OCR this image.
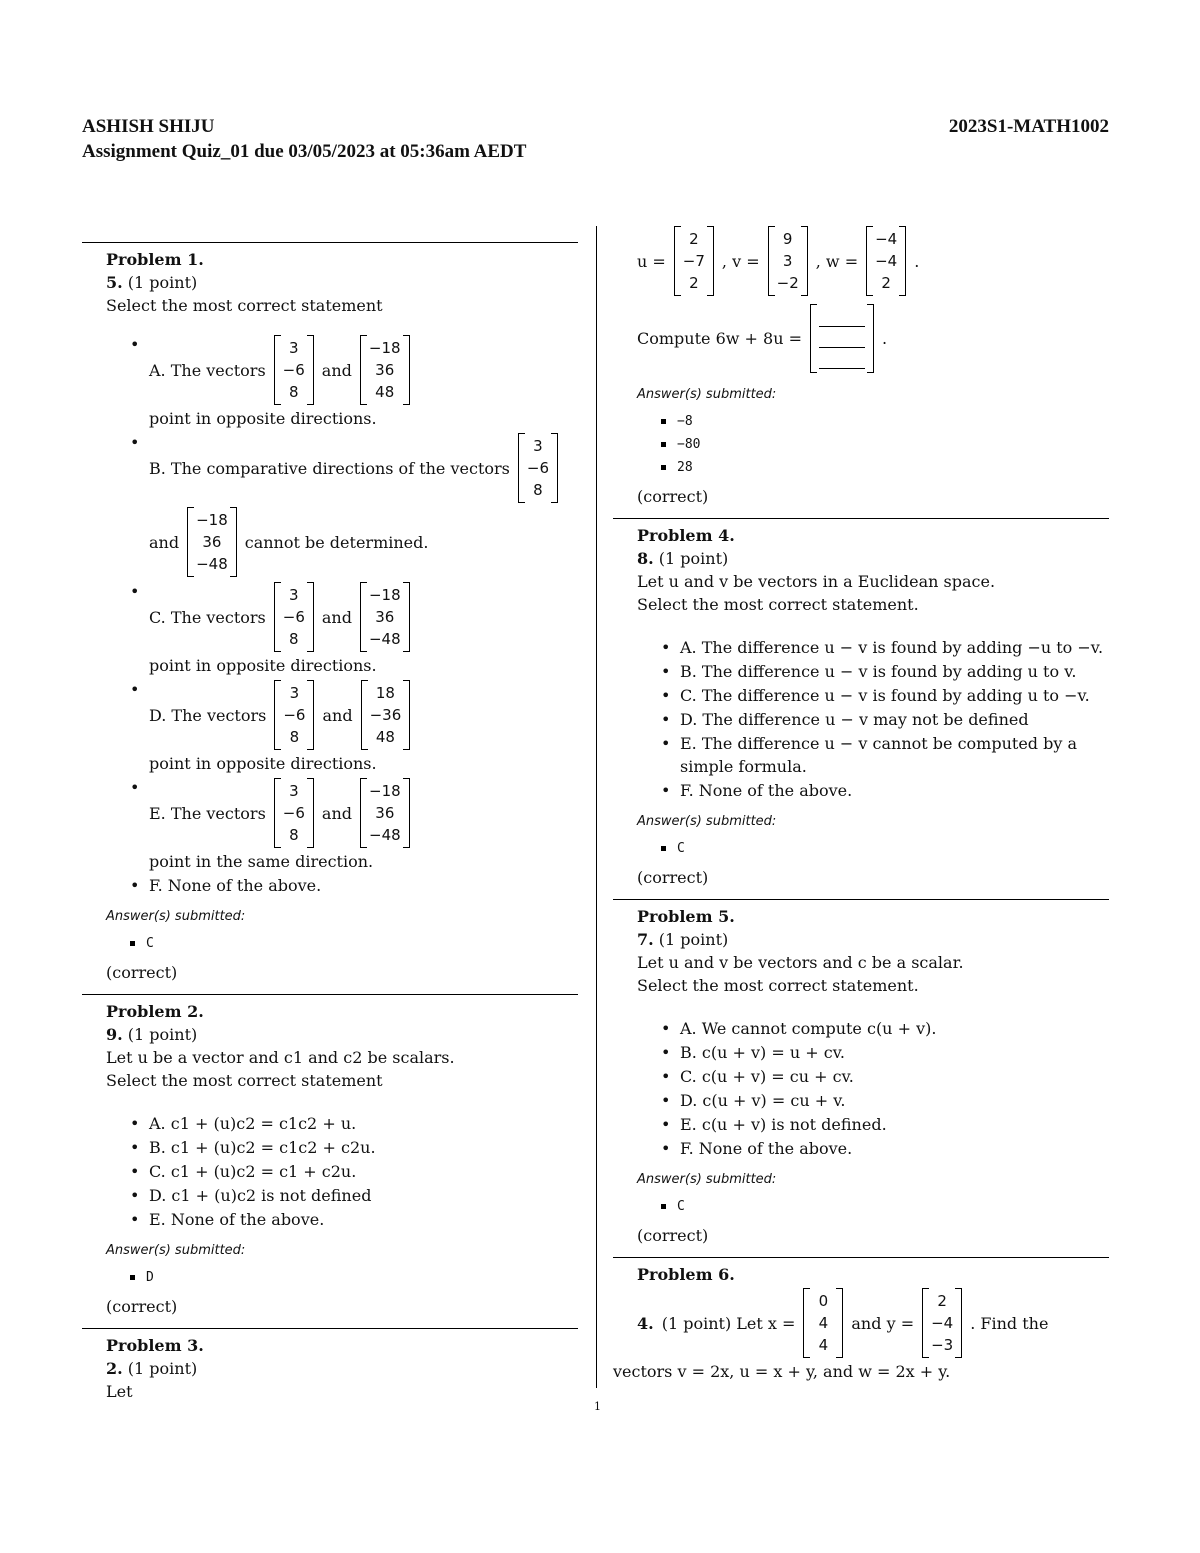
ASHISH SHIJU	2023S1-MATH1002
Assignment Quiz_01 due 03/05/2023 at 05:36am AEDT
Problem 1.
5. (1 point)
Select the most correct statement
• A. The vectors
3
−6
8
and
−18
36
48
point in opposite directions.
• B. The comparative directions of the vectors
3
−6
8
and
−18
36
−48
cannot be determined.
• C. The vectors
3
−6
8
and
−18
36
−48
point in opposite directions.
• D. The vectors
3
−6
8
and
18
−36
48
point in opposite directions.
• E. The vectors
3
−6
8
and
−18
36
−48
point in the same direction.
• F. None of the above.
Answer(s) submitted:
C
(correct)
Problem 2.
9. (1 point)
Let u be a vector and c1 and c2 be scalars.
Select the most correct statement
• A. c1 + (u)c2 = c1c2 + u.
• B. c1 + (u)c2 = c1c2 + c2u.
• C. c1 + (u)c2 = c1 + c2u.
• D. c1 + (u)c2 is not defined
• E. None of the above.
Answer(s) submitted:
D
(correct)
Problem 3.
2. (1 point)
Let
u =
2
−7
2
, v =
9
3
−2
, w =
−4
−4
2
.
Compute 6w + 8u =	.
Answer(s) submitted:
−8
−80
28
(correct)
Problem 4.
8. (1 point)
Let u and v be vectors in a Euclidean space.
Select the most correct statement.
• A. The difference u − v is found by adding −u to −v.
• B. The difference u − v is found by adding u to v.
• C. The difference u − v is found by adding u to −v.
• D. The difference u − v may not be defined
• E. The difference u − v cannot be computed by a simple formula.
• F. None of the above.
Answer(s) submitted:
C
(correct)
Problem 5.
7. (1 point)
Let u and v be vectors and c be a scalar.
Select the most correct statement.
• A. We cannot compute c(u + v).
• B. c(u + v) = u + cv.
• C. c(u + v) = cu + cv.
• D. c(u + v) = cu + v.
• E. c(u + v) is not defined.
• F. None of the above.
Answer(s) submitted:
C
(correct)
Problem 6.
4. (1 point) Let x =
0
4
4
and y =
2
−4
−3
. Find the
vectors v = 2x, u = x + y, and w = 2x + y.
1
